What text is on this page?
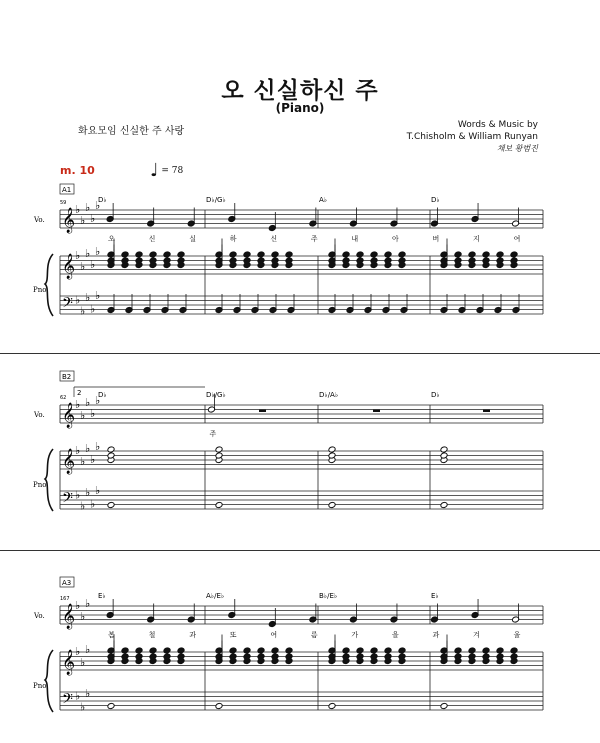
오 신실하신 주
(Piano)
화요모임 신실한 주 사랑
Words & Music by
T.Chisholm & William Runyan
채보 황범진
m. 10	♩ = 78
A1
59
Vo.
Pno.
𝄞
𝄞
𝄢
♭
♭
♭
♭
♭
♭
♭
♭
♭
♭
♭
♭
♭
♭
♭
D♭	D♭/G♭	A♭	D♭
오	신	실	하	신	주	내	아	버	지	여
B2
62
2
Vo.
Pno.
𝄞
𝄞
𝄢
♭
♭
♭
♭
♭
♭
♭
♭
♭
♭
♭
♭
♭
♭
♭
D♭	D♭/G♭	D♭/A♭	D♭
주
A3
167
Vo.
Pno.
𝄞
𝄞
𝄢
♭
♭
♭
♭
♭
♭
♭
♭
♭
E♭	A♭/E♭	B♭/E♭	E♭
봄	철	과	또	여	름	가	을	과	겨	울
